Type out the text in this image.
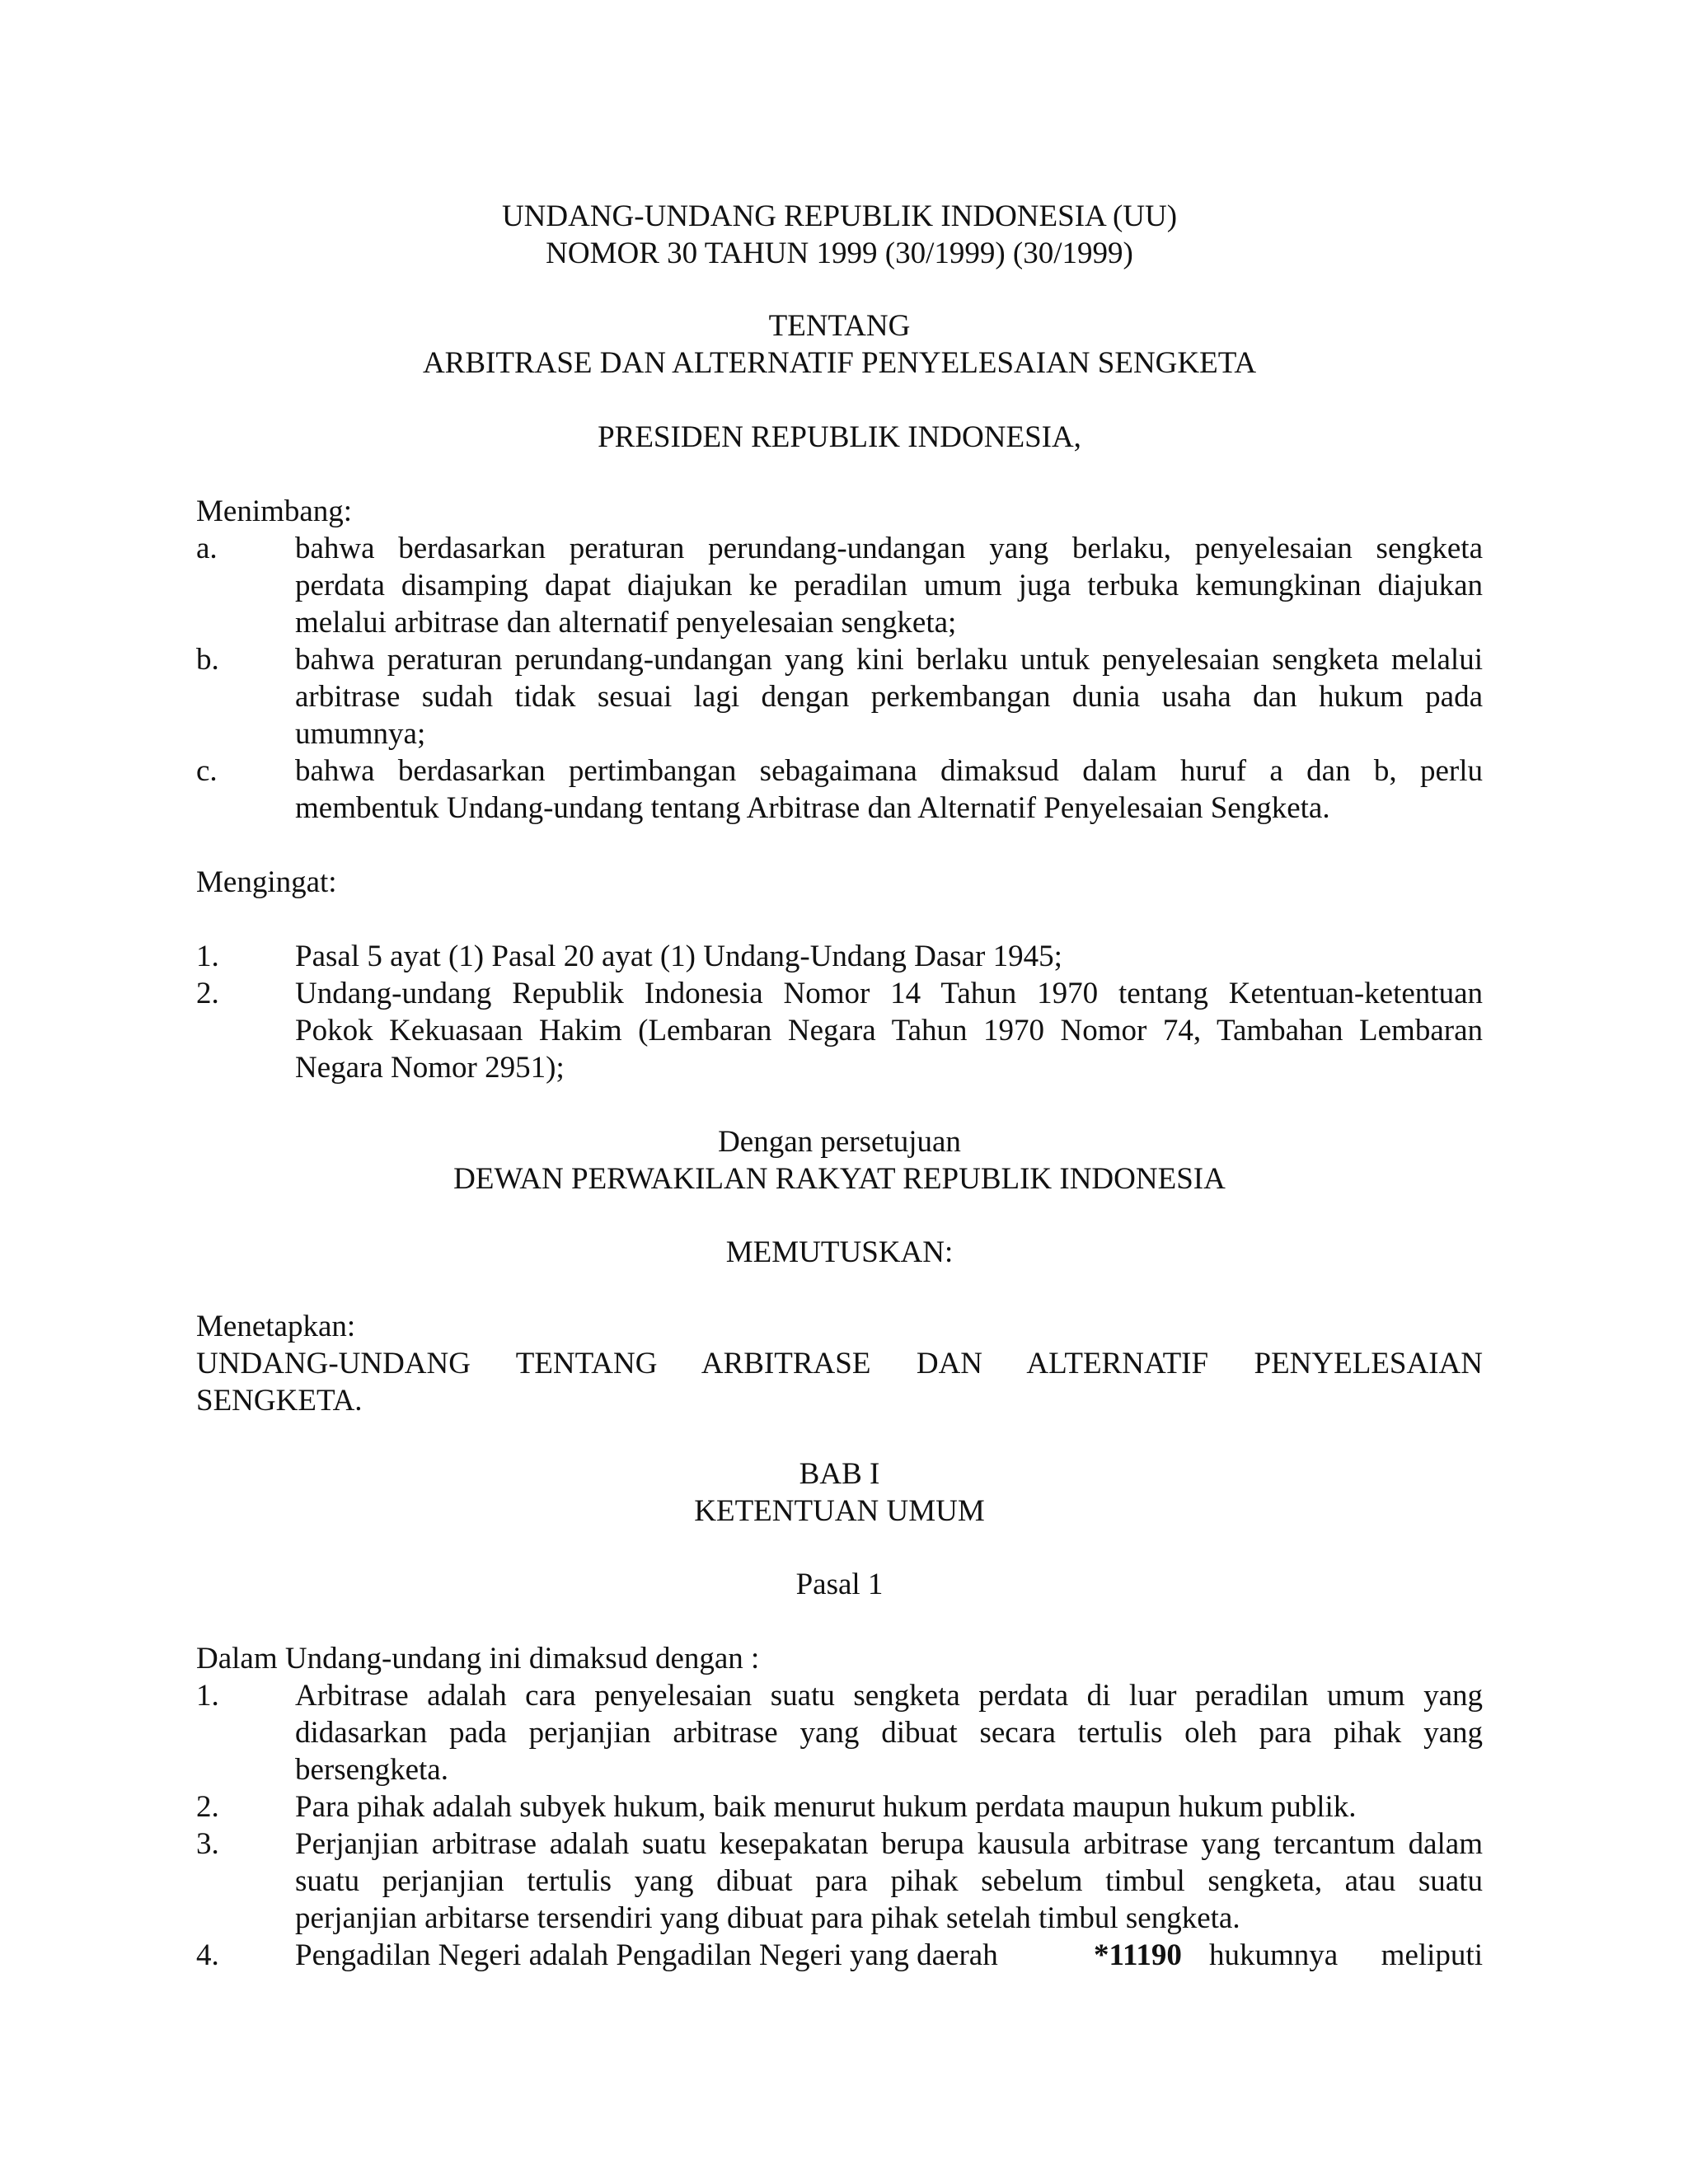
UNDANG-UNDANG REPUBLIK INDONESIA (UU)
NOMOR 30 TAHUN 1999 (30/1999) (30/1999)
TENTANG
ARBITRASE DAN ALTERNATIF PENYELESAIAN SENGKETA
PRESIDEN REPUBLIK INDONESIA,
Menimbang:
a.	bahwa berdasarkan peraturan perundang-undangan yang berlaku, penyelesaian sengketa
perdata disamping dapat diajukan ke peradilan umum juga terbuka kemungkinan diajukan
melalui arbitrase dan alternatif penyelesaian sengketa;
b. bahwa peraturan perundang-undangan yang kini berlaku untuk penyelesaian sengketa melalui
arbitrase sudah tidak sesuai lagi dengan perkembangan dunia usaha dan hukum pada
umumnya;
c.	bahwa berdasarkan pertimbangan sebagaimana dimaksud dalam huruf a dan b, perlu
membentuk Undang-undang tentang Arbitrase dan Alternatif Penyelesaian Sengketa.
Mengingat:
1. Pasal 5 ayat (1) Pasal 20 ayat (1) Undang-Undang Dasar 1945;
2. Undang-undang Republik Indonesia Nomor 14 Tahun 1970 tentang Ketentuan-ketentuan
Pokok Kekuasaan Hakim (Lembaran Negara Tahun 1970 Nomor 74, Tambahan Lembaran
Negara Nomor 2951);
Dengan persetujuan
DEWAN PERWAKILAN RAKYAT REPUBLIK INDONESIA
MEMUTUSKAN:
Menetapkan:
UNDANG-UNDANG TENTANG ARBITRASE DAN ALTERNATIF PENYELESAIAN
SENGKETA.
BAB I
KETENTUAN UMUM
Pasal 1
Dalam Undang-undang ini dimaksud dengan :
1. Arbitrase adalah cara penyelesaian suatu sengketa perdata di luar peradilan umum yang
didasarkan pada perjanjian arbitrase yang dibuat secara tertulis oleh para pihak yang
bersengketa.
2. Para pihak adalah subyek hukum, baik menurut hukum perdata maupun hukum publik.
3. Perjanjian arbitrase adalah suatu kesepakatan berupa kausula arbitrase yang tercantum dalam
suatu perjanjian tertulis yang dibuat para pihak sebelum timbul sengketa, atau suatu
perjanjian arbitarse tersendiri yang dibuat para pihak setelah timbul sengketa.
4. Pengadilan Negeri adalah Pengadilan Negeri yang daerah	*11190 hukumnya meliputi
